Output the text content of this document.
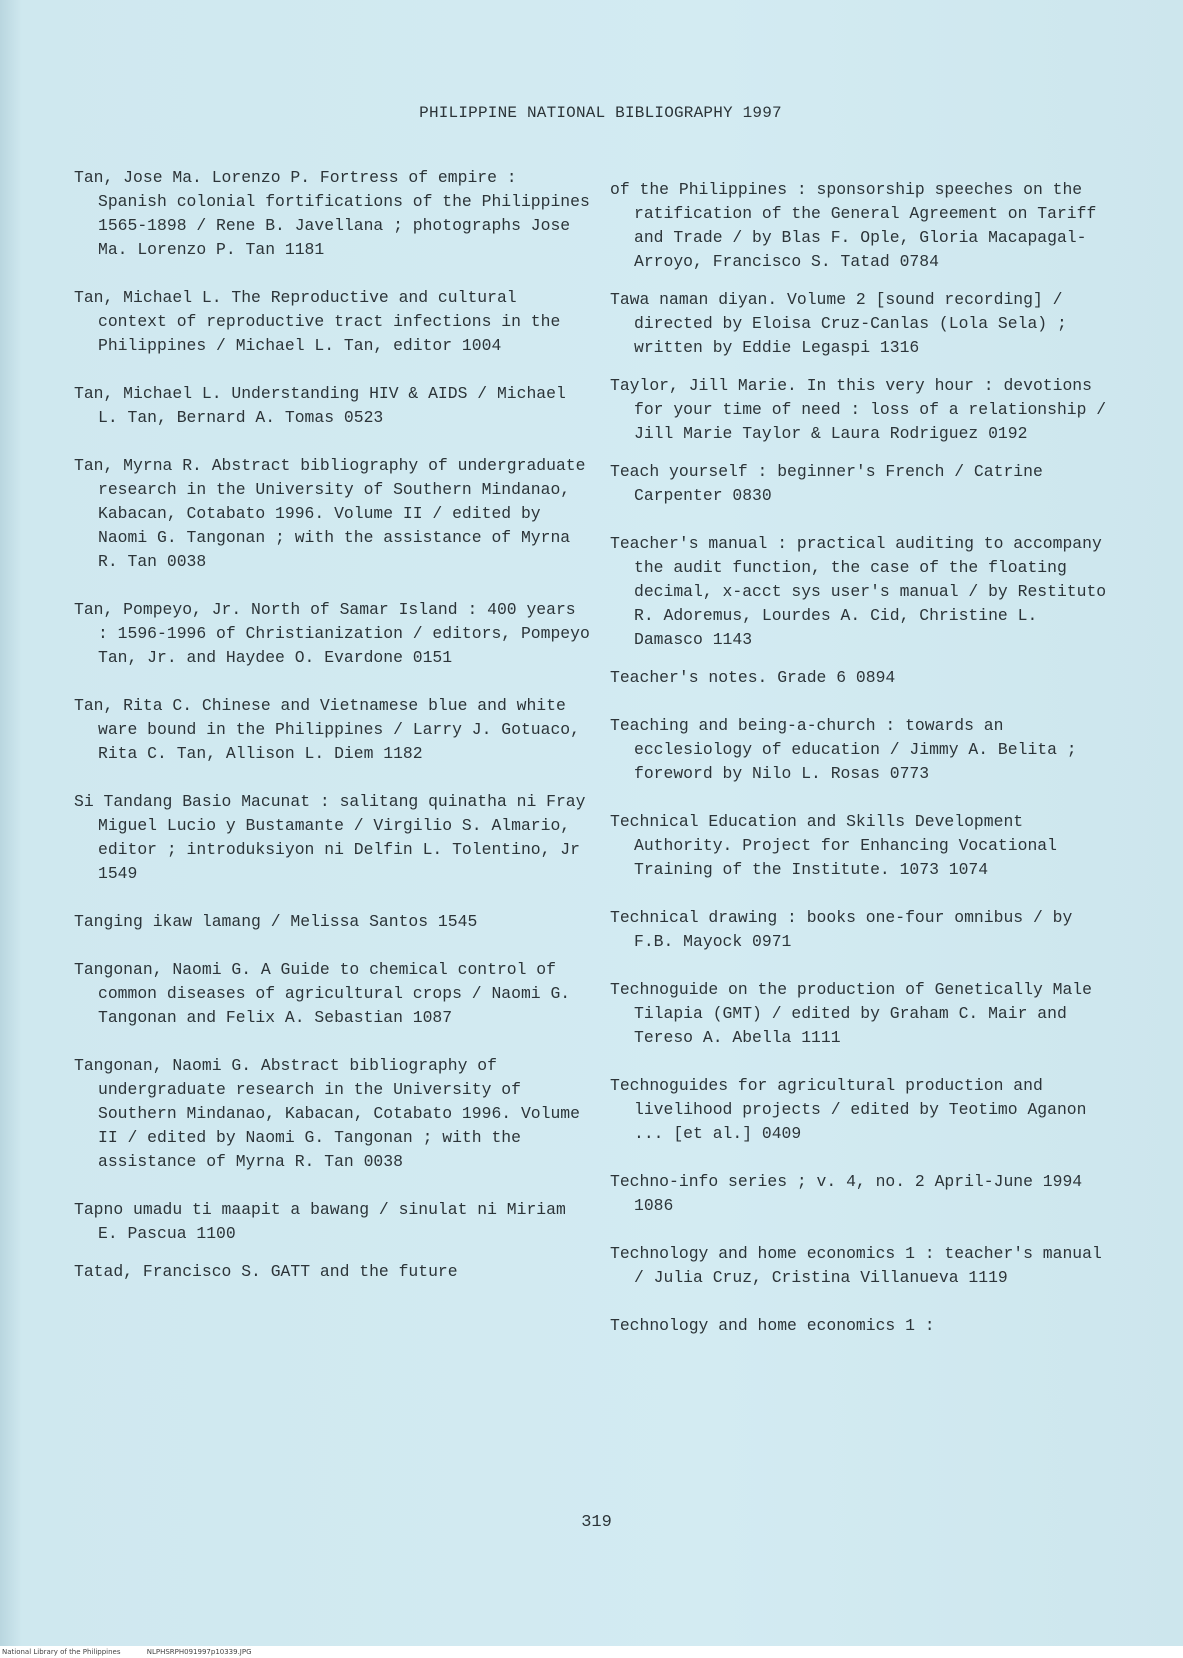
PHILIPPINE NATIONAL BIBLIOGRAPHY 1997

Tan, Jose Ma. Lorenzo P. Fortress of empire : Spanish colonial fortifications of the Philippines 1565-1898 / Rene B. Javellana ; photographs Jose Ma. Lorenzo P. Tan 1181

Tan, Michael L. The Reproductive and cultural context of reproductive tract infections in the Philippines / Michael L. Tan, editor 1004

Tan, Michael L. Understanding HIV & AIDS / Michael L. Tan, Bernard A. Tomas 0523

Tan, Myrna R. Abstract bibliography of undergraduate research in the University of Southern Mindanao, Kabacan, Cotabato 1996. Volume II / edited by Naomi G. Tangonan ; with the assistance of Myrna R. Tan 0038

Tan, Pompeyo, Jr. North of Samar Island : 400 years : 1596-1996 of Christianization / editors, Pompeyo Tan, Jr. and Haydee O. Evardone 0151

Tan, Rita C. Chinese and Vietnamese blue and white ware bound in the Philippines / Larry J. Gotuaco, Rita C. Tan, Allison L. Diem 1182

Si Tandang Basio Macunat : salitang quinatha ni Fray Miguel Lucio y Bustamante / Virgilio S. Almario, editor ; introduksiyon ni Delfin L. Tolentino, Jr 1549

Tanging ikaw lamang / Melissa Santos 1545

Tangonan, Naomi G. A Guide to chemical control of common diseases of agricultural crops / Naomi G. Tangonan and Felix A. Sebastian 1087

Tangonan, Naomi G. Abstract bibliography of undergraduate research in the University of Southern Mindanao, Kabacan, Cotabato 1996. Volume II / edited by Naomi G. Tangonan ; with the assistance of Myrna R. Tan 0038

Tapno umadu ti maapit a bawang / sinulat ni Miriam E. Pascua 1100

Tatad, Francisco S. GATT and the future

of the Philippines : sponsorship speeches on the ratification of the General Agreement on Tariff and Trade / by Blas F. Ople, Gloria Macapagal-Arroyo, Francisco S. Tatad 0784

Tawa naman diyan. Volume 2 [sound recording] / directed by Eloisa Cruz-Canlas (Lola Sela) ; written by Eddie Legaspi 1316

Taylor, Jill Marie. In this very hour : devotions for your time of need : loss of a relationship / Jill Marie Taylor & Laura Rodriguez 0192

Teach yourself : beginner's French / Catrine Carpenter 0830

Teacher's manual : practical auditing to accompany the audit function, the case of the floating decimal, x-acct sys user's manual / by Restituto R. Adoremus, Lourdes A. Cid, Christine L. Damasco 1143

Teacher's notes. Grade 6 0894

Teaching and being-a-church : towards an ecclesiology of education / Jimmy A. Belita ; foreword by Nilo L. Rosas 0773

Technical Education and Skills Development Authority. Project for Enhancing Vocational Training of the Institute. 1073 1074

Technical drawing : books one-four omnibus / by F.B. Mayock 0971

Technoguide on the production of Genetically Male Tilapia (GMT) / edited by Graham C. Mair and Tereso A. Abella 1111

Technoguides for agricultural production and livelihood projects / edited by Teotimo Aganon ... [et al.] 0409

Techno-info series ; v. 4, no. 2 April-June 1994 1086

Technology and home economics 1 : teacher's manual / Julia Cruz, Cristina Villanueva 1119

Technology and home economics 1 :

319
National Library of the Philippines	NLPHSRPH091997p10339.JPG
